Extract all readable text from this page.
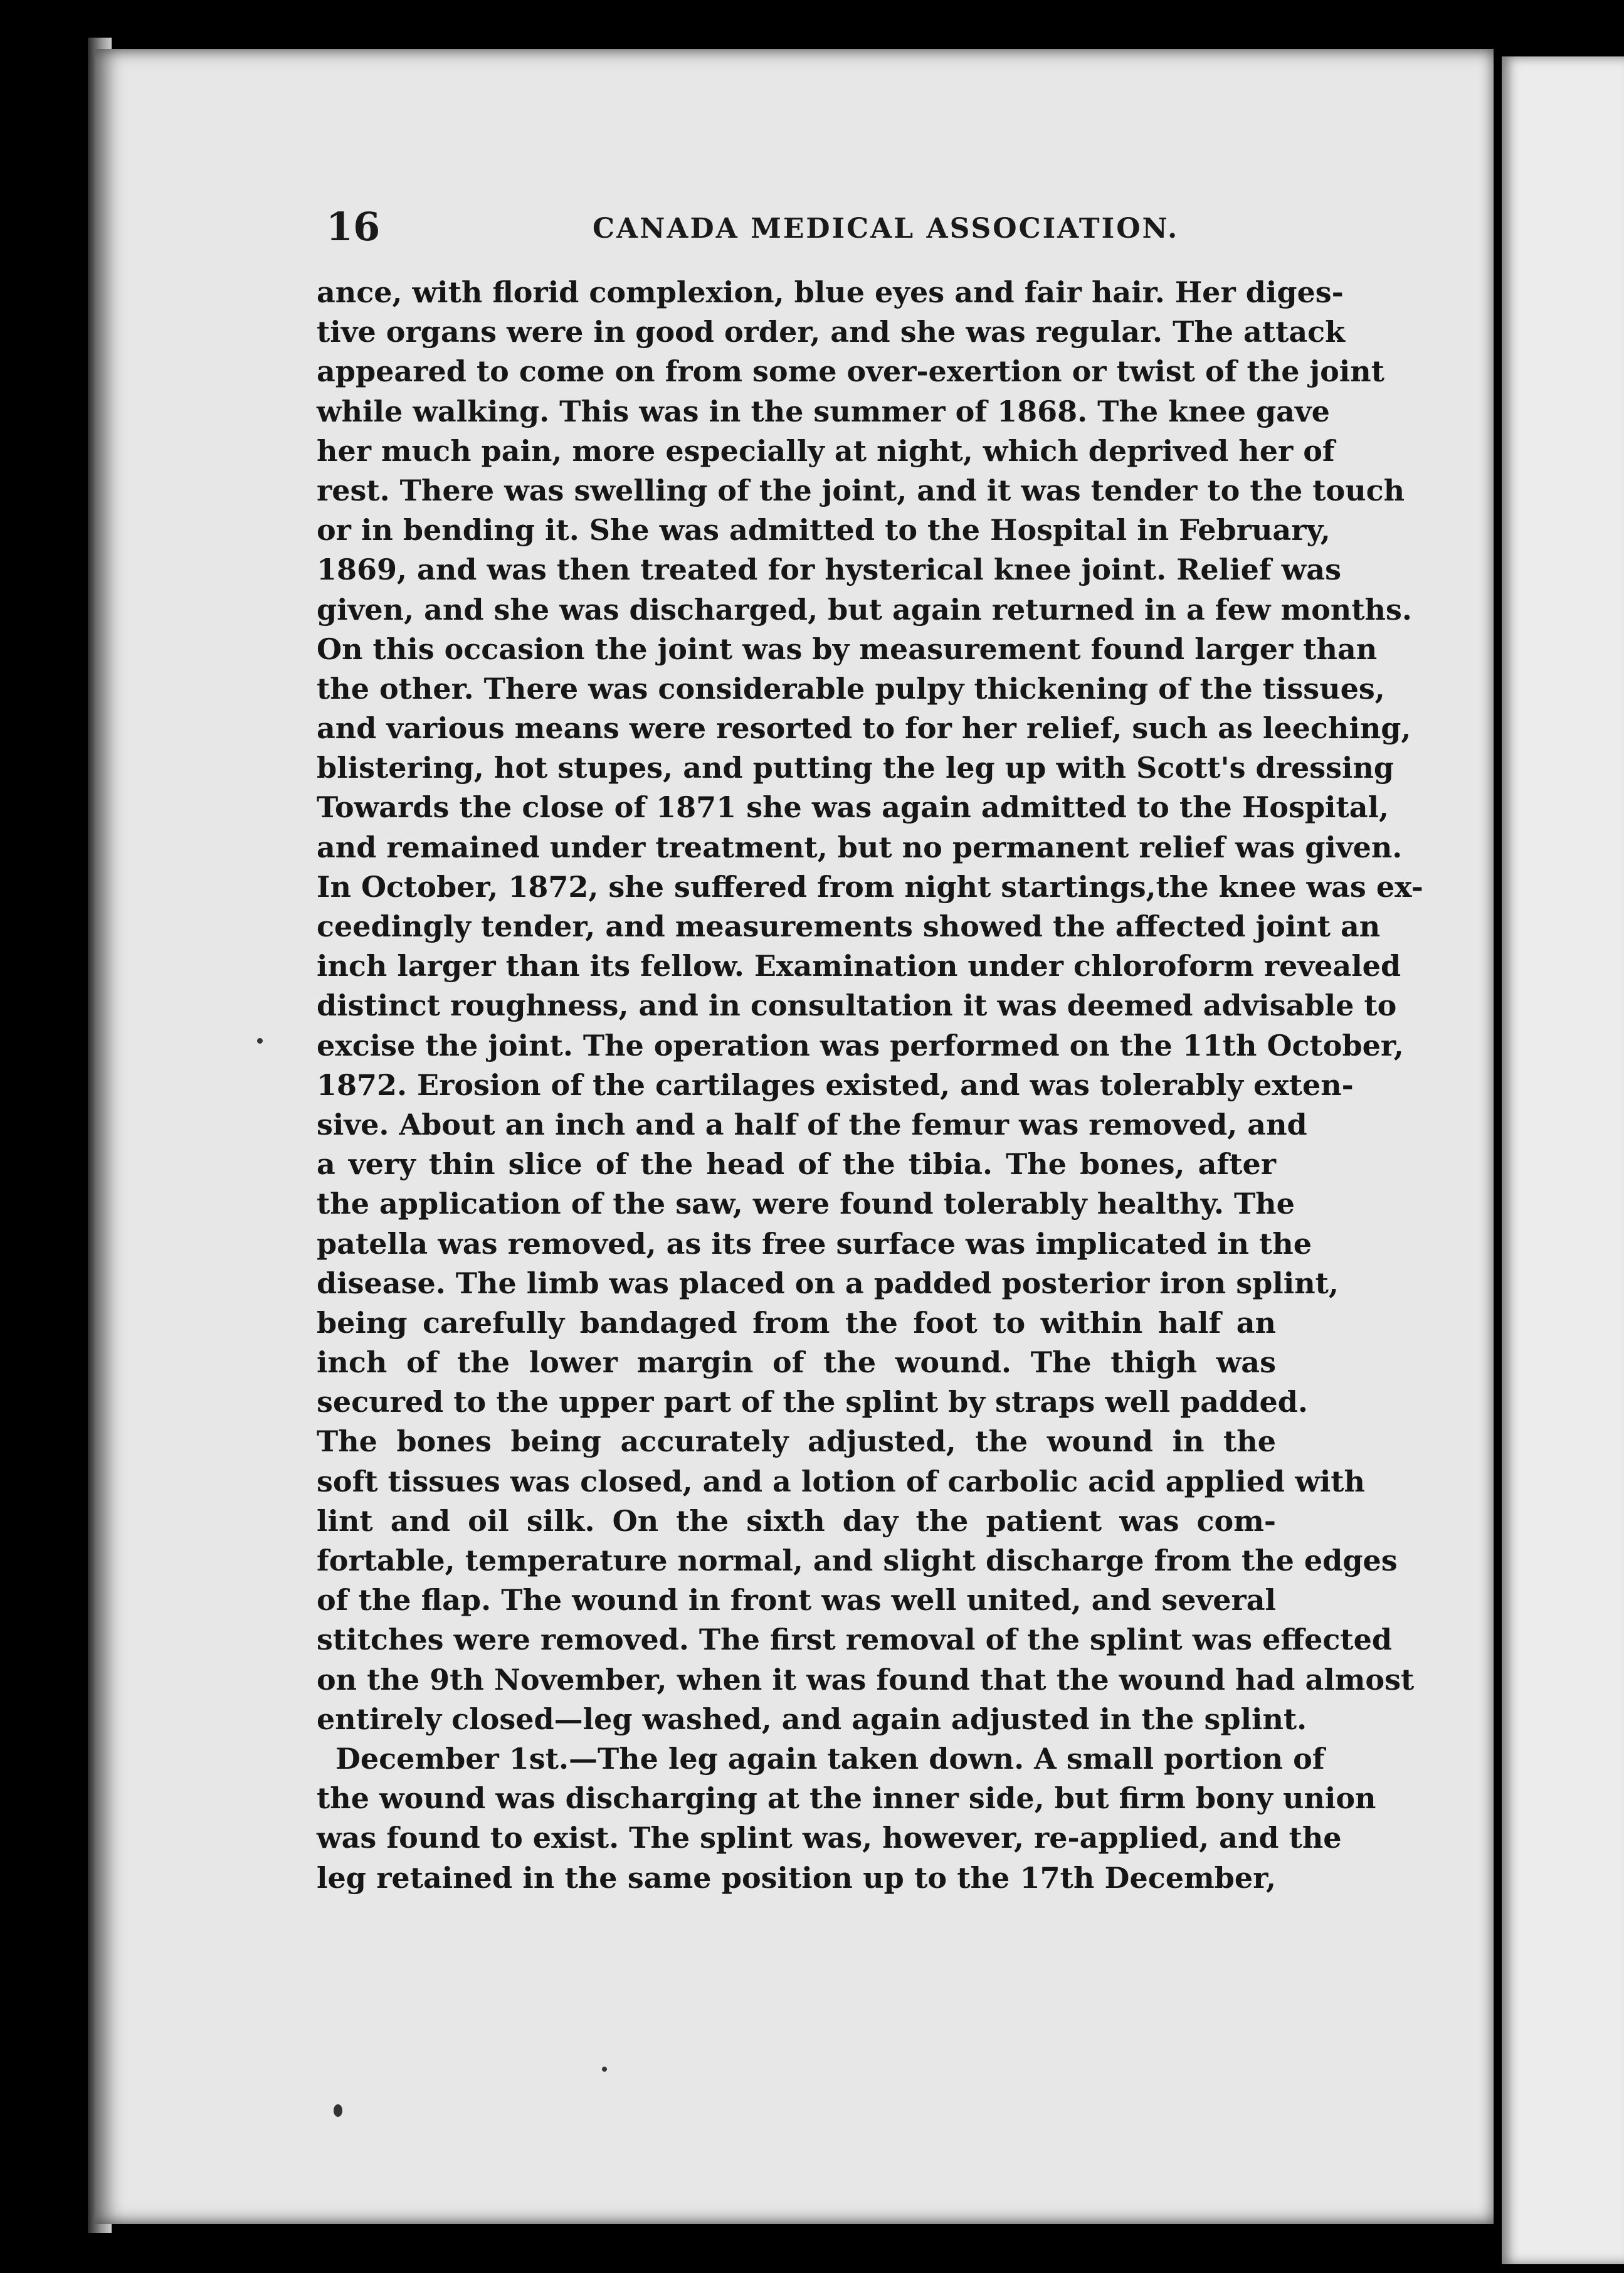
16	CANADA MEDICAL ASSOCIATION.
ance, with florid complexion, blue eyes and fair hair. Her diges-
tive organs were in good order, and she was regular. The attack
appeared to come on from some over-exertion or twist of the joint
while walking. This was in the summer of 1868. The knee gave
her much pain, more especially at night, which deprived her of
rest. There was swelling of the joint, and it was tender to the touch
or in bending it. She was admitted to the Hospital in February,
1869, and was then treated for hysterical knee joint. Relief was
given, and she was discharged, but again returned in a few months.
On this occasion the joint was by measurement found larger than
the other. There was considerable pulpy thickening of the tissues,
and various means were resorted to for her relief, such as leeching,
blistering, hot stupes, and putting the leg up with Scott's dressing
Towards the close of 1871 she was again admitted to the Hospital,
and remained under treatment, but no permanent relief was given.
In October, 1872, she suffered from night startings,the knee was ex-
ceedingly tender, and measurements showed the affected joint an
inch larger than its fellow. Examination under chloroform revealed
distinct roughness, and in consultation it was deemed advisable to
excise the joint. The operation was performed on the 11th October,
1872. Erosion of the cartilages existed, and was tolerably exten-
sive. About an inch and a half of the femur was removed, and
a very thin slice of the head of the tibia. The bones, after
the application of the saw, were found tolerably healthy. The
patella was removed, as its free surface was implicated in the
disease. The limb was placed on a padded posterior iron splint,
being carefully bandaged from the foot to within half an
inch of the lower margin of the wound. The thigh was
secured to the upper part of the splint by straps well padded.
The bones being accurately adjusted, the wound in the
soft tissues was closed, and a lotion of carbolic acid applied with
lint and oil silk. On the sixth day the patient was com-
fortable, temperature normal, and slight discharge from the edges
of the flap. The wound in front was well united, and several
stitches were removed. The first removal of the splint was effected
on the 9th November, when it was found that the wound had almost
entirely closed—leg washed, and again adjusted in the splint.
December 1st.—The leg again taken down. A small portion of
the wound was discharging at the inner side, but firm bony union
was found to exist. The splint was, however, re-applied, and the
leg retained in the same position up to the 17th December,
